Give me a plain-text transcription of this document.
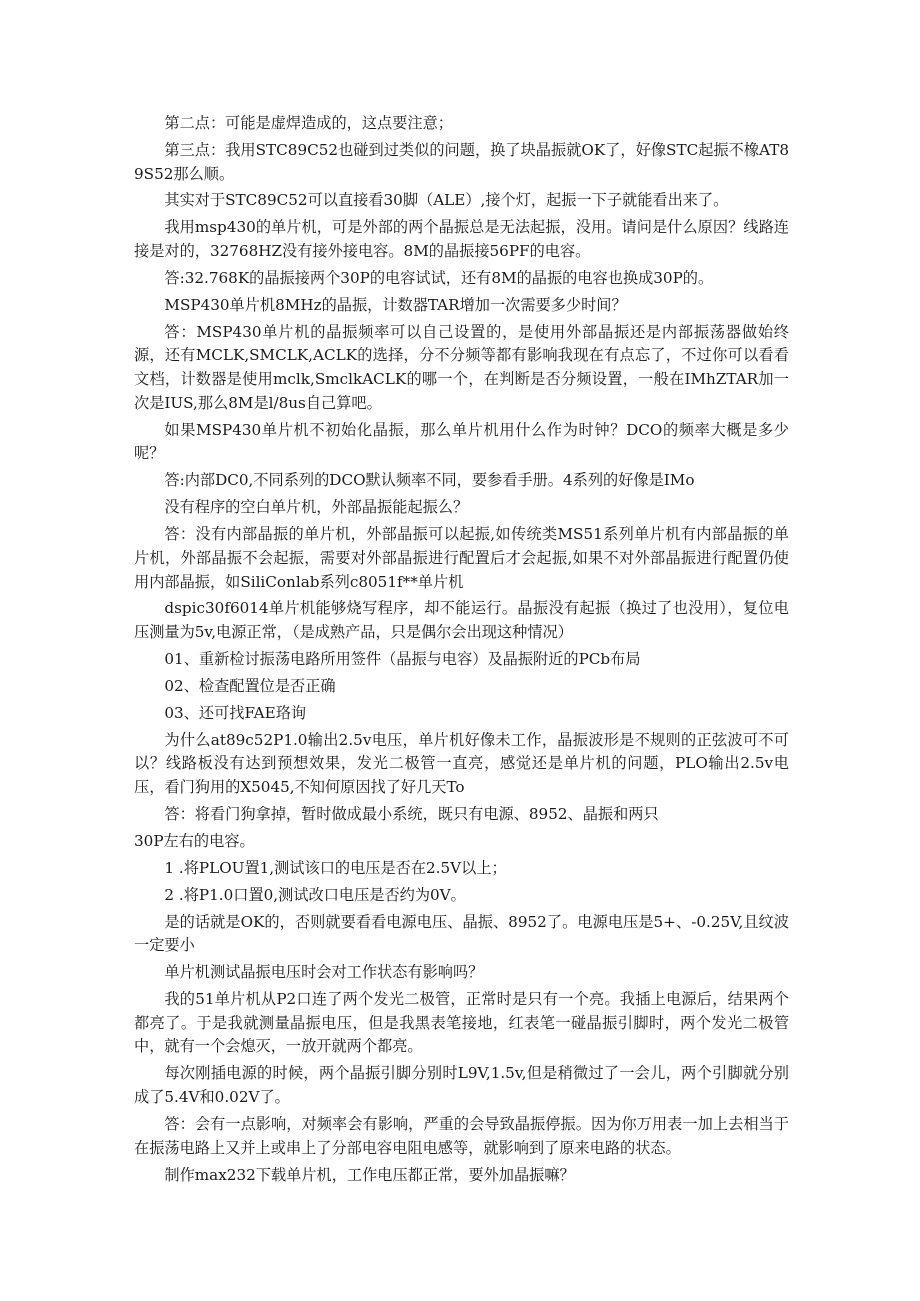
第二点：可能是虚焊造成的，这点要注意；

第三点：我用STC89C52也碰到过类似的问题，换了块晶振就OK了，好像STC起振不橡AT89S52那么顺。

其实对于STC89C52可以直接看30脚（ALE）,接个灯，起振一下子就能看出来了。

我用msp430的单片机，可是外部的两个晶振总是无法起振，没用。请问是什么原因？线路连接是对的，32768HZ没有接外接电容。8M的晶振接56PF的电容。

答:32.768K的晶振接两个30P的电容试试，还有8M的晶振的电容也换成30P的。

MSP430单片机8MHz的晶振，计数器TAR增加一次需要多少时间？

答：MSP430单片机的晶振频率可以自己设置的，是使用外部晶振还是内部振荡器做始终源，还有MCLK,SMCLK,ACLK的选择，分不分频等都有影响我现在有点忘了，不过你可以看看文档，计数器是使用mclk,SmclkACLK的哪一个，在判断是否分频设置，一般在IMhZTAR加一次是IUS,那么8M是l/8us自己算吧。

如果MSP430单片机不初始化晶振，那么单片机用什么作为时钟？DCO的频率大概是多少呢？

答:内部DC0,不同系列的DCO默认频率不同，要参看手册。4系列的好像是IMo

没有程序的空白单片机，外部晶振能起振么？

答：没有内部晶振的单片机，外部晶振可以起振,如传统类MS51系列单片机有内部晶振的单片机，外部晶振不会起振，需要对外部晶振进行配置后才会起振,如果不对外部晶振进行配置仍使用内部晶振，如SiliConlab系列c8051f**单片机

dspic30f6014单片机能够烧写程序，却不能运行。晶振没有起振（换过了也没用），复位电压测量为5v,电源正常，（是成熟产品，只是偶尔会出现这种情况）

01、重新检讨振荡电路所用签件（晶振与电容）及晶振附近的PCb布局

02、检查配置位是否正确

03、还可找FAE珞询

为什么at89c52P1.0输出2.5v电压，单片机好像未工作，晶振波形是不规则的正弦波可不可以？线路板没有达到预想效果，发光二极管一直亮，感觉还是单片机的问题，PLO输出2.5v电压，看门狗用的X5045,不知何原因找了好几天To

答：将看门狗拿掉，暂时做成最小系统，既只有电源、8952、晶振和两只

30P左右的电容。

1 .将PLOU置1,测试该口的电压是否在2.5V以上；

2 .将P1.0口置0,测试改口电压是否约为0V。

是的话就是OK的，否则就要看看电源电压、晶振、8952了。电源电压是5+、-0.25V,且纹波一定要小

单片机测试晶振电压时会对工作状态有影响吗？

我的51单片机从P2口连了两个发光二极管，正常时是只有一个亮。我插上电源后，结果两个都亮了。于是我就测量晶振电压，但是我黑表笔接地，红表笔一碰晶振引脚时，两个发光二极管中，就有一个会熄灭，一放开就两个都亮。

每次刚插电源的时候，两个晶振引脚分别时L9V,1.5v,但是稍微过了一会儿，两个引脚就分别成了5.4V和0.02V了。

答：会有一点影响，对频率会有影响，严重的会导致晶振停振。因为你万用表一加上去相当于在振荡电路上又并上或串上了分部电容电阻电感等，就影响到了原来电路的状态。

制作max232下载单片机，工作电压都正常，要外加晶振嘛？
